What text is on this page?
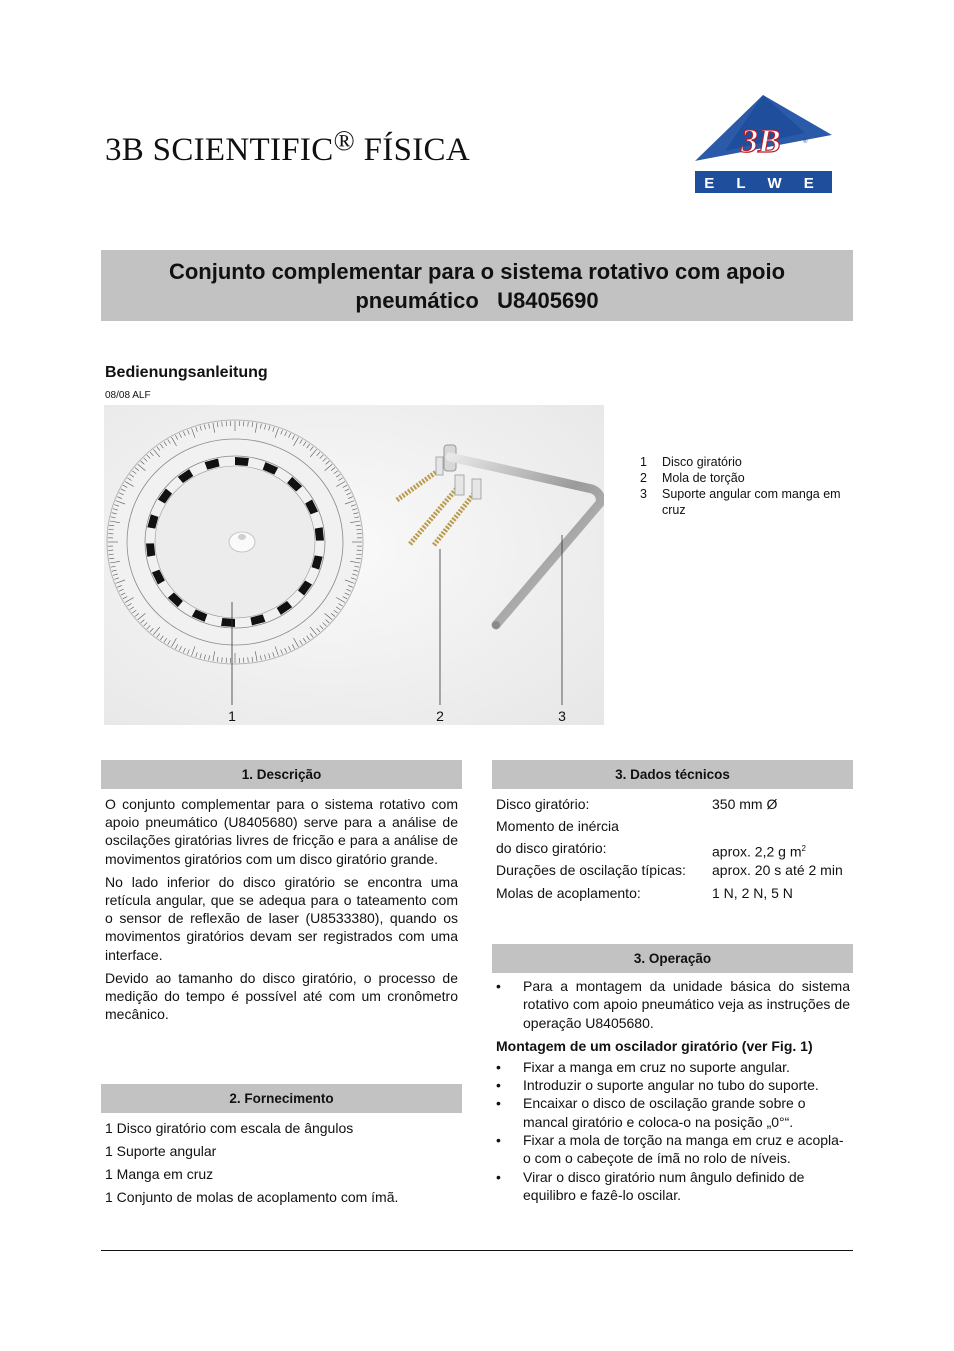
3B SCIENTIFIC® FÍSICA	3B	®
E L W E
Conjunto complementar para o sistema rotativo com apoio
pneumático   U8405690
Bedienungsanleitung
08/08 ALF
1	2	3
1	Disco giratório
2	Mola de torção
3	Suporte angular com manga em cruz
1. Descrição

O conjunto complementar para o sistema rotativo com apoio pneumático (U8405680) serve para a análise de oscilações giratórias livres de fricção e para a análise de movimentos giratórios com um disco giratório grande.

No lado inferior do disco giratório se encontra uma retícula angular, que se adequa para o tateamento com o sensor de reflexão de laser (U8533380), quando os movimentos giratórios devam ser registrados com uma interface.

Devido ao tamanho do disco giratório, o processo de medição do tempo é possível até com um cronômetro mecânico.

2. Fornecimento
1 Disco giratório com escala de ângulos
1 Suporte angular
1 Manga em cruz
1 Conjunto de molas de acoplamento com ímã.
3. Dados técnicos
Disco giratório:	350 mm Ø
Momento de inércia
do disco giratório:	aprox. 2,2 g $m^2$
Durações de oscilação típicas: aprox. 20 s até 2 min
Molas de acoplamento:	1 N, 2 N, 5 N
3. Operação
• Para a montagem da unidade básica do sistema rotativo com apoio pneumático veja as instruções de operação U8405680.
Montagem de um oscilador giratório (ver Fig. 1)
• Fixar a manga em cruz no suporte angular.
• Introduzir o suporte angular no tubo do suporte.
• Encaixar o disco de oscilação grande sobre o mancal giratório e coloca-o na posição „0°“.
• Fixar a mola de torção na manga em cruz e acopla-o com o cabeçote de ímã no rolo de níveis.
• Virar o disco giratório num ângulo definido de equilibro e fazê-lo oscilar.
